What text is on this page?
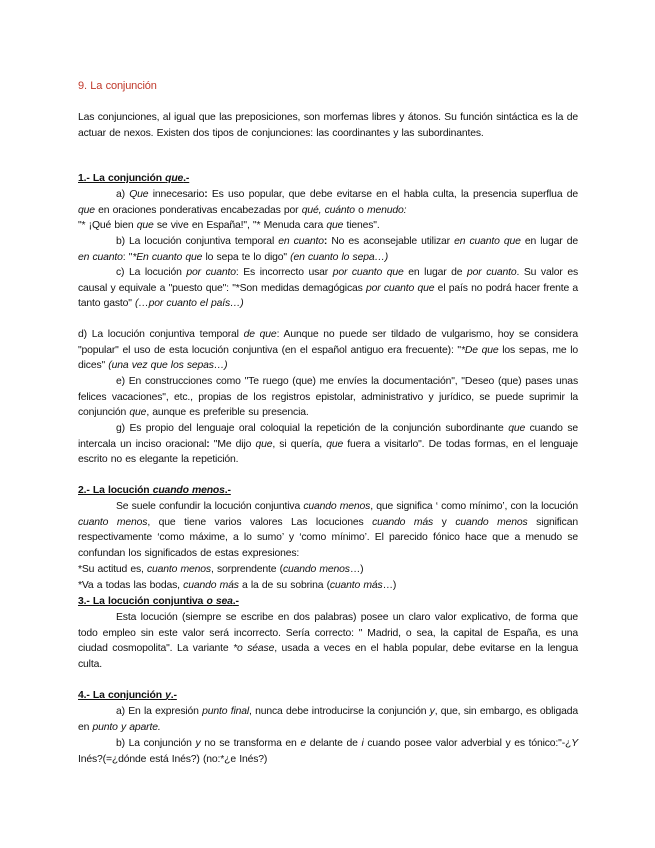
9. La conjunción
Las conjunciones, al igual que las preposiciones, son morfemas libres y átonos. Su función sintáctica es la de actuar de nexos. Existen dos tipos de conjunciones: las coordinantes y las subordinantes.
1.- La conjunción que.-
a) Que innecesario: Es uso popular, que debe evitarse en el habla culta, la presencia superflua de que en oraciones ponderativas encabezadas por qué, cuánto o menudo:
"* ¡Qué bien que se vive en España!", "* Menuda cara que tienes".
b) La locución conjuntiva temporal en cuanto: No es aconsejable utilizar en cuanto que en lugar de en cuanto: "*En cuanto que lo sepa te lo digo" (en cuanto lo sepa…)
c) La locución por cuanto: Es incorrecto usar por cuanto que en lugar de por cuanto. Su valor es causal y equivale a "puesto que": "*Son medidas demagógicas por cuanto que el país no podrá hacer frente a tanto gasto" (…por cuanto el país…)
d) La locución conjuntiva temporal de que: Aunque no puede ser tildado de vulgarismo, hoy se considera "popular" el uso de esta locución conjuntiva (en el español antiguo era frecuente): "*De que los sepas, me lo dices" (una vez que los sepas…)
e) En construcciones como "Te ruego (que) me envíes la documentación", "Deseo (que) pases unas felices vacaciones", etc., propias de los registros epistolar, administrativo y jurídico, se puede suprimir la conjunción que, aunque es preferible su presencia.
g) Es propio del lenguaje oral coloquial la repetición de la conjunción subordinante que cuando se intercala un inciso oracional: "Me dijo que, si quería, que fuera a visitarlo". De todas formas, en el lenguaje escrito no es elegante la repetición.
2.- La locución cuando menos.-
Se suele confundir la locución conjuntiva cuando menos, que significa ‘ como mínimo’, con la locución cuanto menos, que tiene varios valores Las locuciones cuando más y cuando menos significan respectivamente ‘como máxime, a lo sumo’ y ‘como mínimo’. El parecido fónico hace que a menudo se confundan los significados de estas expresiones:
*Su actitud es, cuanto menos, sorprendente (cuando menos…)
*Va a todas las bodas, cuando más a la de su sobrina (cuanto más…)
3.- La locución conjuntiva o sea.-
Esta locución (siempre se escribe en dos palabras) posee un claro valor explicativo, de forma que todo empleo sin este valor será incorrecto. Sería correcto: " Madrid, o sea, la capital de España, es una ciudad cosmopolita". La variante *o séase, usada a veces en el habla popular, debe evitarse en la lengua culta.
4.- La conjunción y.-
a) En la expresión punto final, nunca debe introducirse la conjunción y, que, sin embargo, es obligada en punto y aparte.
b) La conjunción y no se transforma en e delante de i cuando posee valor adverbial y es tónico:"-¿Y Inés?(=¿dónde está Inés?) (no:*¿e Inés?)
